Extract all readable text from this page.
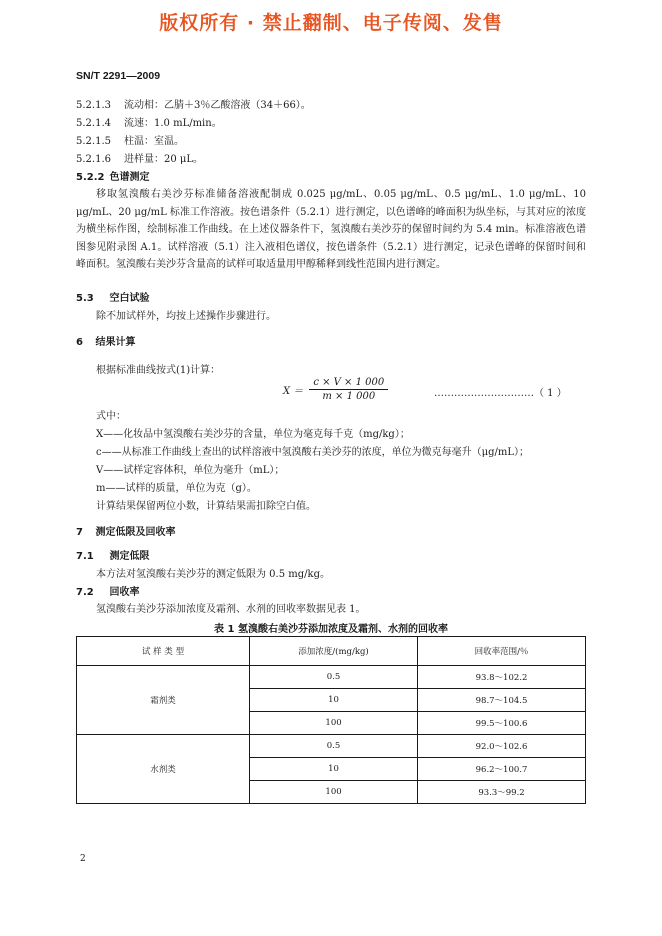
版权所有 · 禁止翻制、电子传阅、发售
SN/T 2291—2009
5.2.1.3 流动相：乙腈＋3％乙酸溶液（34＋66）。
5.2.1.4 流速：1.0 mL/min。
5.2.1.5 柱温：室温。
5.2.1.6 进样量：20 μL。
5.2.2 色谱测定
移取氢溴酸右美沙芬标准储备溶液配制成 0.025 μg/mL、0.05 μg/mL、0.5 μg/mL、1.0 μg/mL、10 μg/mL、20 μg/mL 标准工作溶液。按色谱条件（5.2.1）进行测定，以色谱峰的峰面积为纵坐标，与其对应的浓度为横坐标作图，绘制标准工作曲线。在上述仪器条件下，氢溴酸右美沙芬的保留时间约为 5.4 min。标准溶液色谱图参见附录图 A.1。试样溶液（5.1）注入液相色谱仪，按色谱条件（5.2.1）进行测定，记录色谱峰的保留时间和峰面积。氢溴酸右美沙芬含量高的试样可取适量用甲醇稀释到线性范围内进行测定。
5.3 空白试验
除不加试样外，均按上述操作步骤进行。
6 结果计算
根据标准曲线按式(1)计算：
$X = \frac{c \times V \times 1 000}{m \times 1 000}$	…………………………（ 1 ）
式中：
X——化妆品中氢溴酸右美沙芬的含量，单位为毫克每千克（mg/kg）；
c——从标准工作曲线上查出的试样溶液中氢溴酸右美沙芬的浓度，单位为微克每毫升（μg/mL）；
V——试样定容体积，单位为毫升（mL）；
m——试样的质量，单位为克（g）。
计算结果保留两位小数，计算结果需扣除空白值。
7 测定低限及回收率
7.1 测定低限
本方法对氢溴酸右美沙芬的测定低限为 0.5 mg/kg。
7.2 回收率
氢溴酸右美沙芬添加浓度及霜剂、水剂的回收率数据见表 1。
表 1 氢溴酸右美沙芬添加浓度及霜剂、水剂的回收率
试 样 类 型	添加浓度/(mg/kg)	回收率范围/％
霜剂类	0.5	93.8～102.2
	10	98.7～104.5
	100	99.5～100.6
水剂类	0.5	92.0～102.6
	10	96.2～100.7
	100	93.3～99.2
2
